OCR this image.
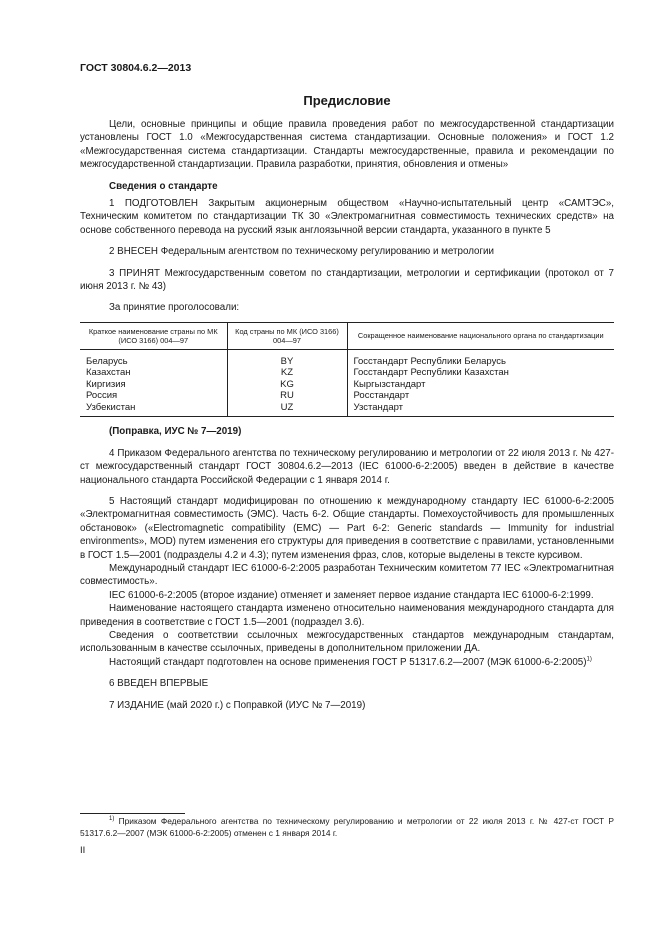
ГОСТ 30804.6.2—2013
Предисловие

Цели, основные принципы и общие правила проведения работ по межгосударственной стандартизации установлены ГОСТ 1.0 «Межгосударственная система стандартизации. Основные положения» и ГОСТ 1.2 «Межгосударственная система стандартизации. Стандарты межгосударственные, правила и рекомендации по межгосударственной стандартизации. Правила разработки, принятия, обновления и отмены»

Сведения о стандарте

1 ПОДГОТОВЛЕН Закрытым акционерным обществом «Научно-испытательный центр «САМТЭС», Техническим комитетом по стандартизации ТК 30 «Электромагнитная совместимость технических средств» на основе собственного перевода на русский язык англоязычной версии стандарта, указанного в пункте 5

2 ВНЕСЕН Федеральным агентством по техническому регулированию и метрологии

3 ПРИНЯТ Межгосударственным советом по стандартизации, метрологии и сертификации (протокол от 7 июня 2013 г. № 43)

За принятие проголосовали:

Краткое наименование страны по МК (ИСО 3166) 004—97	Код страны по МК (ИСО 3166) 004—97	Сокращенное наименование национального органа по стандартизации
Беларусь	BY	Госстандарт Республики Беларусь
Казахстан	KZ	Госстандарт Республики Казахстан
Киргизия	KG	Кыргызстандарт
Россия	RU	Росстандарт
Узбекистан	UZ	Узстандарт

(Поправка, ИУС № 7—2019)

4 Приказом Федерального агентства по техническому регулированию и метрологии от 22 июля 2013 г. № 427-ст межгосударственный стандарт ГОСТ 30804.6.2—2013 (IEC 61000-6-2:2005) введен в действие в качестве национального стандарта Российской Федерации с 1 января 2014 г.

5 Настоящий стандарт модифицирован по отношению к международному стандарту IEC 61000-6-2:2005 «Электромагнитная совместимость (ЭМС). Часть 6-2. Общие стандарты. Помехоустойчивость для промышленных обстановок» («Electromagnetic compatibility (EMC) — Part 6-2: Generic standards — Immunity for industrial environments», MOD) путем изменения его структуры для приведения в соответствие с правилами, установленными в ГОСТ 1.5—2001 (подразделы 4.2 и 4.3); путем изменения фраз, слов, которые выделены в тексте курсивом.

Международный стандарт IEC 61000-6-2:2005 разработан Техническим комитетом 77 IEC «Электромагнитная совместимость».

IEC 61000-6-2:2005 (второе издание) отменяет и заменяет первое издание стандарта IEC 61000-6-2:1999.

Наименование настоящего стандарта изменено относительно наименования международного стандарта для приведения в соответствие с ГОСТ 1.5—2001 (подраздел 3.6).

Сведения о соответствии ссылочных межгосударственных стандартов международным стандартам, использованным в качестве ссылочных, приведены в дополнительном приложении ДА.

Настоящий стандарт подготовлен на основе применения ГОСТ Р 51317.6.2—2007 (МЭК 61000-6-2:2005)$^{1)}$

6 ВВЕДЕН ВПЕРВЫЕ

7 ИЗДАНИЕ (май 2020 г.) с Поправкой (ИУС № 7—2019)

$^{1)}$ Приказом Федерального агентства по техническому регулированию и метрологии от 22 июля 2013 г. № 427-ст ГОСТ Р 51317.6.2—2007 (МЭК 61000-6-2:2005) отменен с 1 января 2014 г.
II
